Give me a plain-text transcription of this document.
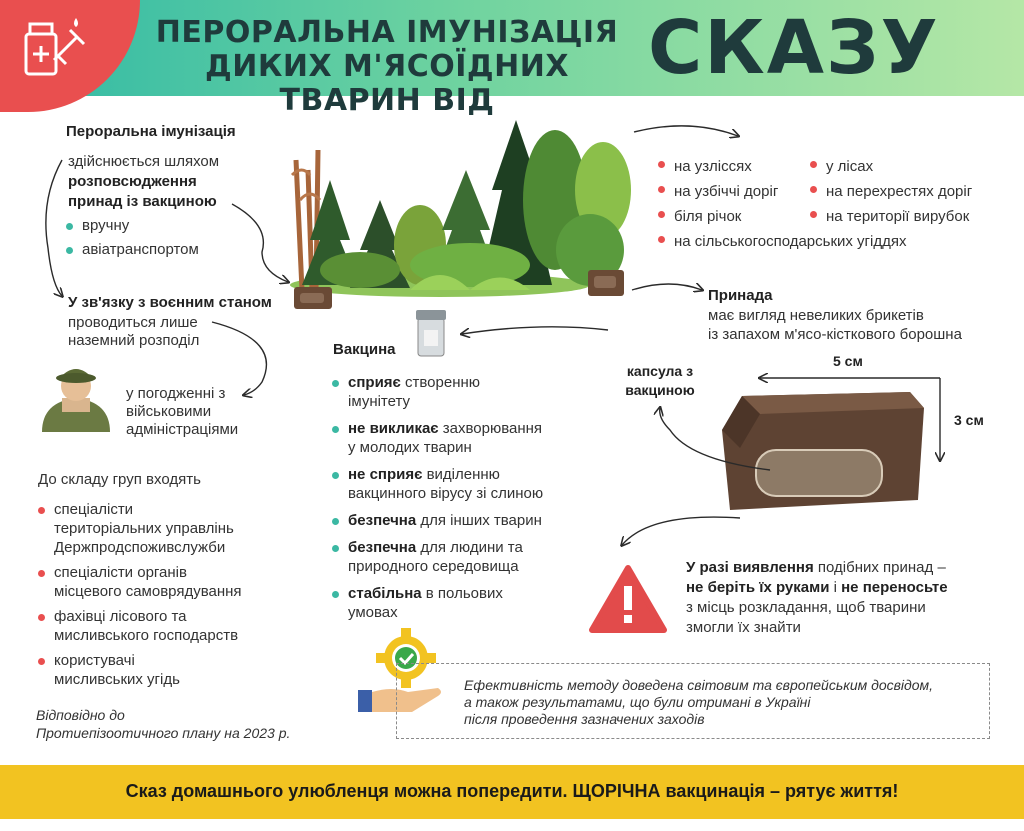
ПЕРОРАЛЬНА ІМУНІЗАЦІЯ
ДИКИХ М'ЯСОЇДНИХ ТВАРИН ВІД
СКАЗУ
Пероральна імунізація
здійснюється шляхом
розповсюдження
принад із вакциною
вручну
авіатранспортом
У зв'язку з воєнним станом
проводиться лише
наземний розподіл
у погодженні з
військовими
адміністраціями
До складу груп входять
спеціалісти
територіальних управлінь
Держпродспоживслужби
спеціалісти органів
місцевого самоврядування
фахівці лісового та
мисливського господарств
користувачі
мисливських угідь
Відповідно до
Протиепізоотичного плану на 2023 р.
на узліссях
на узбіччі доріг
біля річок
на сільськогосподарських угіддях
у лісах
на перехрестях доріг
на території вирубок
Принада
має вигляд невеликих брикетів
із запахом м'ясо-кісткового борошна
5 см
3 см
капсула з
вакциною
Вакцина
сприяє створенню
імунітету
не викликає захворювання
у молодих тварин
не сприяє виділенню
вакцинного вірусу зі слиною
безпечна для інших тварин
безпечна для людини та
природного середовища
стабільна в польових
умовах
У разі виявлення подібних принад –
не беріть їх руками і не переносьте
з місць розкладання, щоб тварини
змогли їх знайти
Ефективність методу доведена світовим та європейським досвідом,
а також результатами, що були отримані в Україні
після проведення зазначених заходів
Сказ домашнього улюбленця можна попередити. ЩОРІЧНА вакцинація – рятує життя!
